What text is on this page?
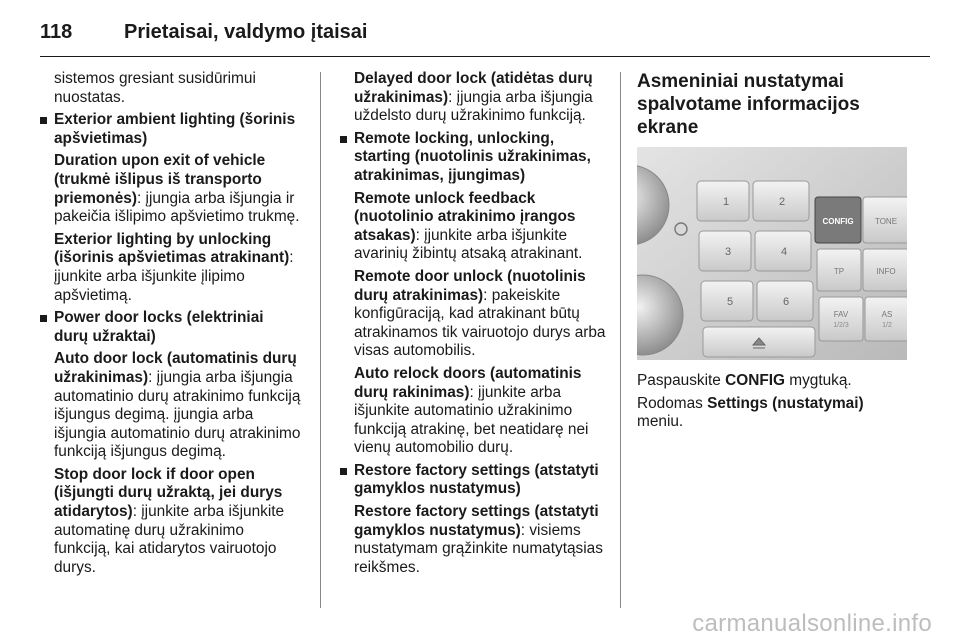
118	Prietaisai, valdymo įtaisai

sistemos gresiant susidūrimui nuostatas.

Exterior ambient lighting (šorinis apšvietimas)

Duration upon exit of vehicle (trukmė išlipus iš transporto priemonės): įjungia arba išjungia ir pakeičia išlipimo apšvietimo trukmę.

Exterior lighting by unlocking (išorinis apšvietimas atrakinant): įjunkite arba išjunkite įlipimo apšvietimą.

Power door locks (elektriniai durų užraktai)

Auto door lock (automatinis durų užrakinimas): įjungia arba išjungia automatinio durų atrakinimo funkciją išjungus degimą. įjungia arba išjungia automatinio durų atrakinimo funkciją išjungus degimą.

Stop door lock if door open (išjungti durų užraktą, jei durys atidarytos): įjunkite arba išjunkite automatinę durų užrakinimo funkciją, kai atidarytos vairuotojo durys.

Delayed door lock (atidėtas durų užrakinimas): įjungia arba išjungia uždelsto durų užrakinimo funkciją.

Remote locking, unlocking, starting (nuotolinis užrakinimas, atrakinimas, įjungimas)

Remote unlock feedback (nuotolinio atrakinimo įrangos atsakas): įjunkite arba išjunkite avarinių žibintų atsaką atrakinant.

Remote door unlock (nuotolinis durų atrakinimas): pakeiskite konfigūraciją, kad atrakinant būtų atrakinamos tik vairuotojo durys arba visas automobilis.

Auto relock doors (automatinis durų rakinimas): įjunkite arba išjunkite automatinio užrakinimo funkciją atrakinę, bet neatidarę nei vienų automobilio durų.

Restore factory settings (atstatyti gamyklos nustatymus)

Restore factory settings (atstatyti gamyklos nustatymus): visiems nustatymam grąžinkite numatytąsias reikšmes.

Asmeniniai nustatymai spalvotame informacijos ekrane
1	2
3	4
5	6
CONFIG	TONE
TP	INFO
FAV
1/2/3
AS
1/2

Paspauskite CONFIG mygtuką.

Rodomas Settings (nustatymai) meniu.

carmanualsonline.info
